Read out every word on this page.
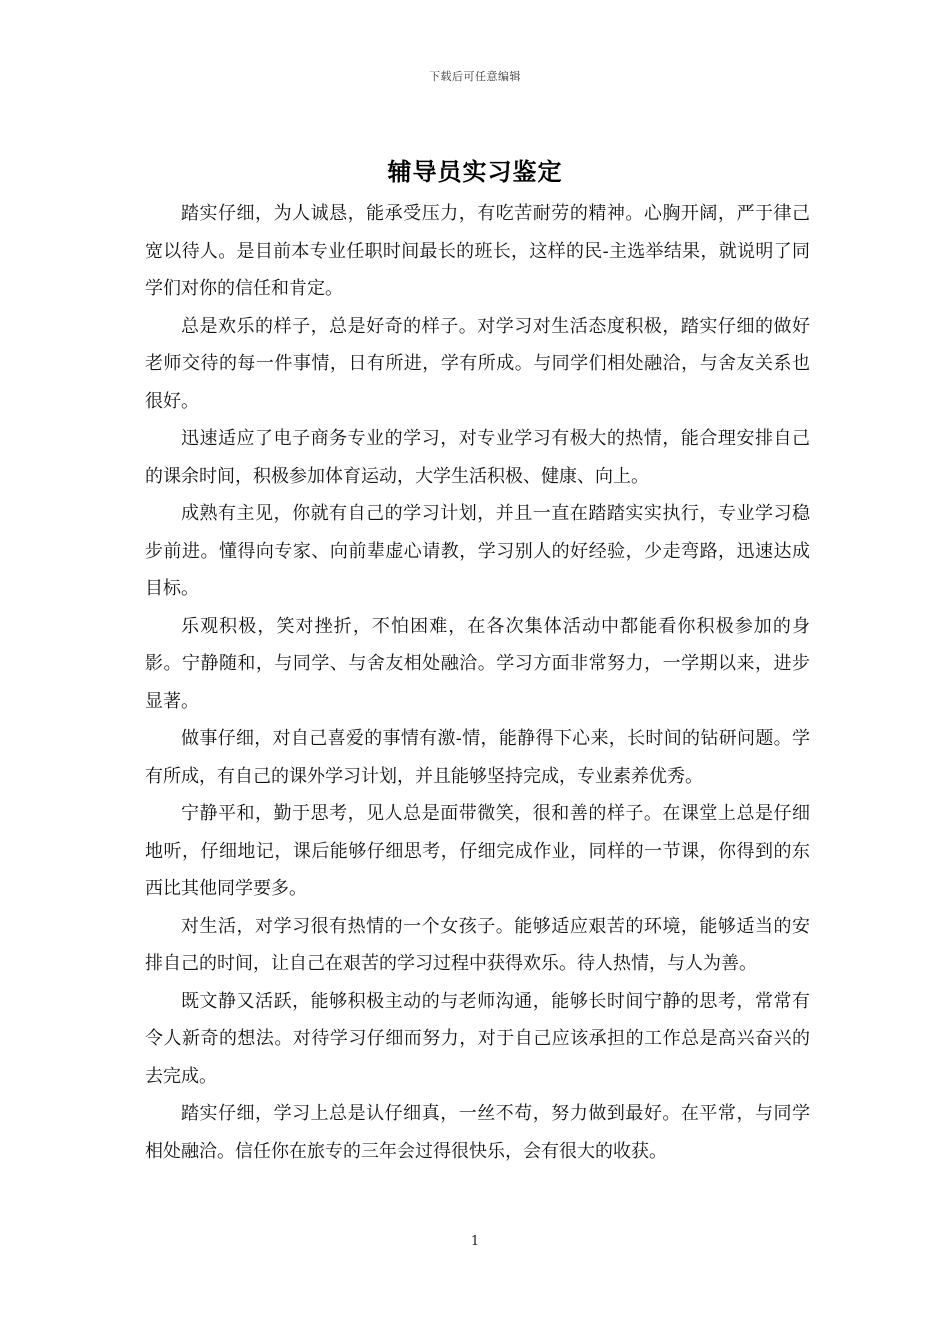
下载后可任意编辑
辅导员实习鉴定

踏实仔细，为人诚恳，能承受压力，有吃苦耐劳的精神。心胸开阔，严于律己宽以待人。是目前本专业任职时间最长的班长，这样的民-主选举结果，就说明了同学们对你的信任和肯定。

总是欢乐的样子，总是好奇的样子。对学习对生活态度积极，踏实仔细的做好老师交待的每一件事情，日有所进，学有所成。与同学们相处融洽，与舍友关系也很好。

迅速适应了电子商务专业的学习，对专业学习有极大的热情，能合理安排自己的课余时间，积极参加体育运动，大学生活积极、健康、向上。

成熟有主见，你就有自己的学习计划，并且一直在踏踏实实执行，专业学习稳步前进。懂得向专家、向前辈虚心请教，学习别人的好经验，少走弯路，迅速达成目标。

乐观积极，笑对挫折，不怕困难，在各次集体活动中都能看你积极参加的身影。宁静随和，与同学、与舍友相处融洽。学习方面非常努力，一学期以来，进步显著。

做事仔细，对自己喜爱的事情有激-情，能静得下心来，长时间的钻研问题。学有所成，有自己的课外学习计划，并且能够坚持完成，专业素养优秀。

宁静平和，勤于思考，见人总是面带微笑，很和善的样子。在课堂上总是仔细地听，仔细地记，课后能够仔细思考，仔细完成作业，同样的一节课，你得到的东西比其他同学要多。

对生活，对学习很有热情的一个女孩子。能够适应艰苦的环境，能够适当的安排自己的时间，让自己在艰苦的学习过程中获得欢乐。待人热情，与人为善。

既文静又活跃，能够积极主动的与老师沟通，能够长时间宁静的思考，常常有令人新奇的想法。对待学习仔细而努力，对于自己应该承担的工作总是高兴奋兴的去完成。

踏实仔细，学习上总是认仔细真，一丝不苟，努力做到最好。在平常，与同学相处融洽。信任你在旅专的三年会过得很快乐，会有很大的收获。

1
